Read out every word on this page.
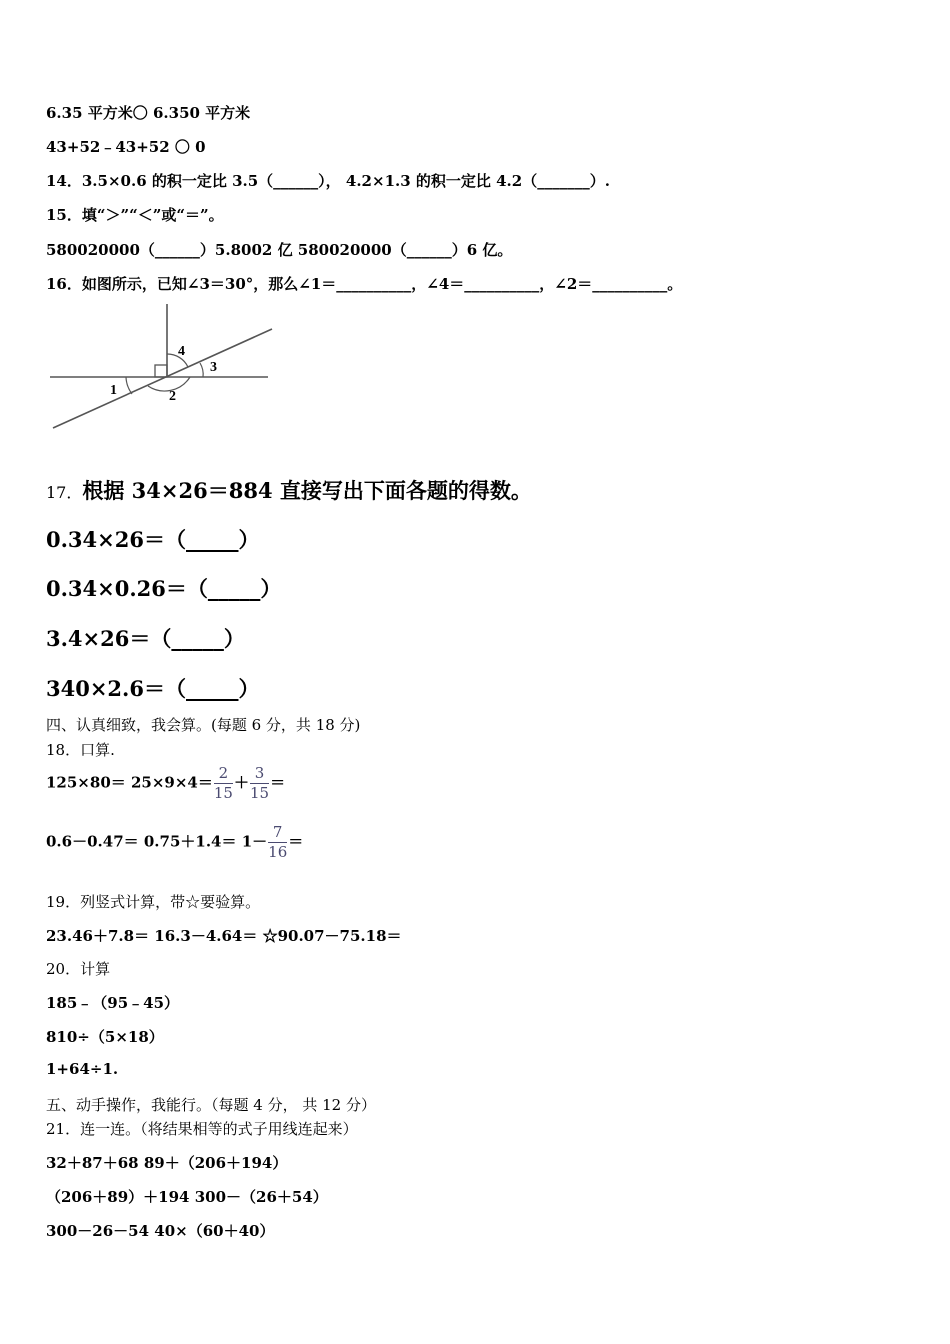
6.35 平方米〇 6.350 平方米
43+52﹣43+52 〇 0
14．3.5×0.6 的积一定比 3.5（______）， 4.2×1.3 的积一定比 4.2（_______）.
15．填“＞”“＜”或“＝”。
580020000（______）5.8002 亿 580020000（______）6 亿。
16．如图所示，已知∠3＝30°，那么∠1＝__________，∠4＝__________，∠2＝__________。
1	2
3
4
17．根据 34×26＝884 直接写出下面各题的得数。
0.34×26＝（_____）
0.34×0.26＝（_____）
3.4×26＝（_____）
340×2.6＝（_____）
四、认真细致，我会算。(每题 6 分，共 18 分)
18．口算.
$125\times 80= 25\times 9\times 4= \frac{2}{15} + \frac{3}{15}$ ＝
$0.6-0.47= 0.75+1.4= 1- \frac{7}{16}$ ＝
19．列竖式计算，带☆要验算。
23.46＋7.8＝ 16.3－4.64＝ ☆90.07－75.18＝
20．计算
185﹣（95﹣45）
810÷（5×18）
1+64÷1.
五、动手操作，我能行。（每题 4 分， 共 12 分）
21．连一连。（将结果相等的式子用线连起来）
32＋87＋68 89＋（206＋194）
（206＋89）＋194 300－（26＋54）
300－26－54 40×（60＋40）
